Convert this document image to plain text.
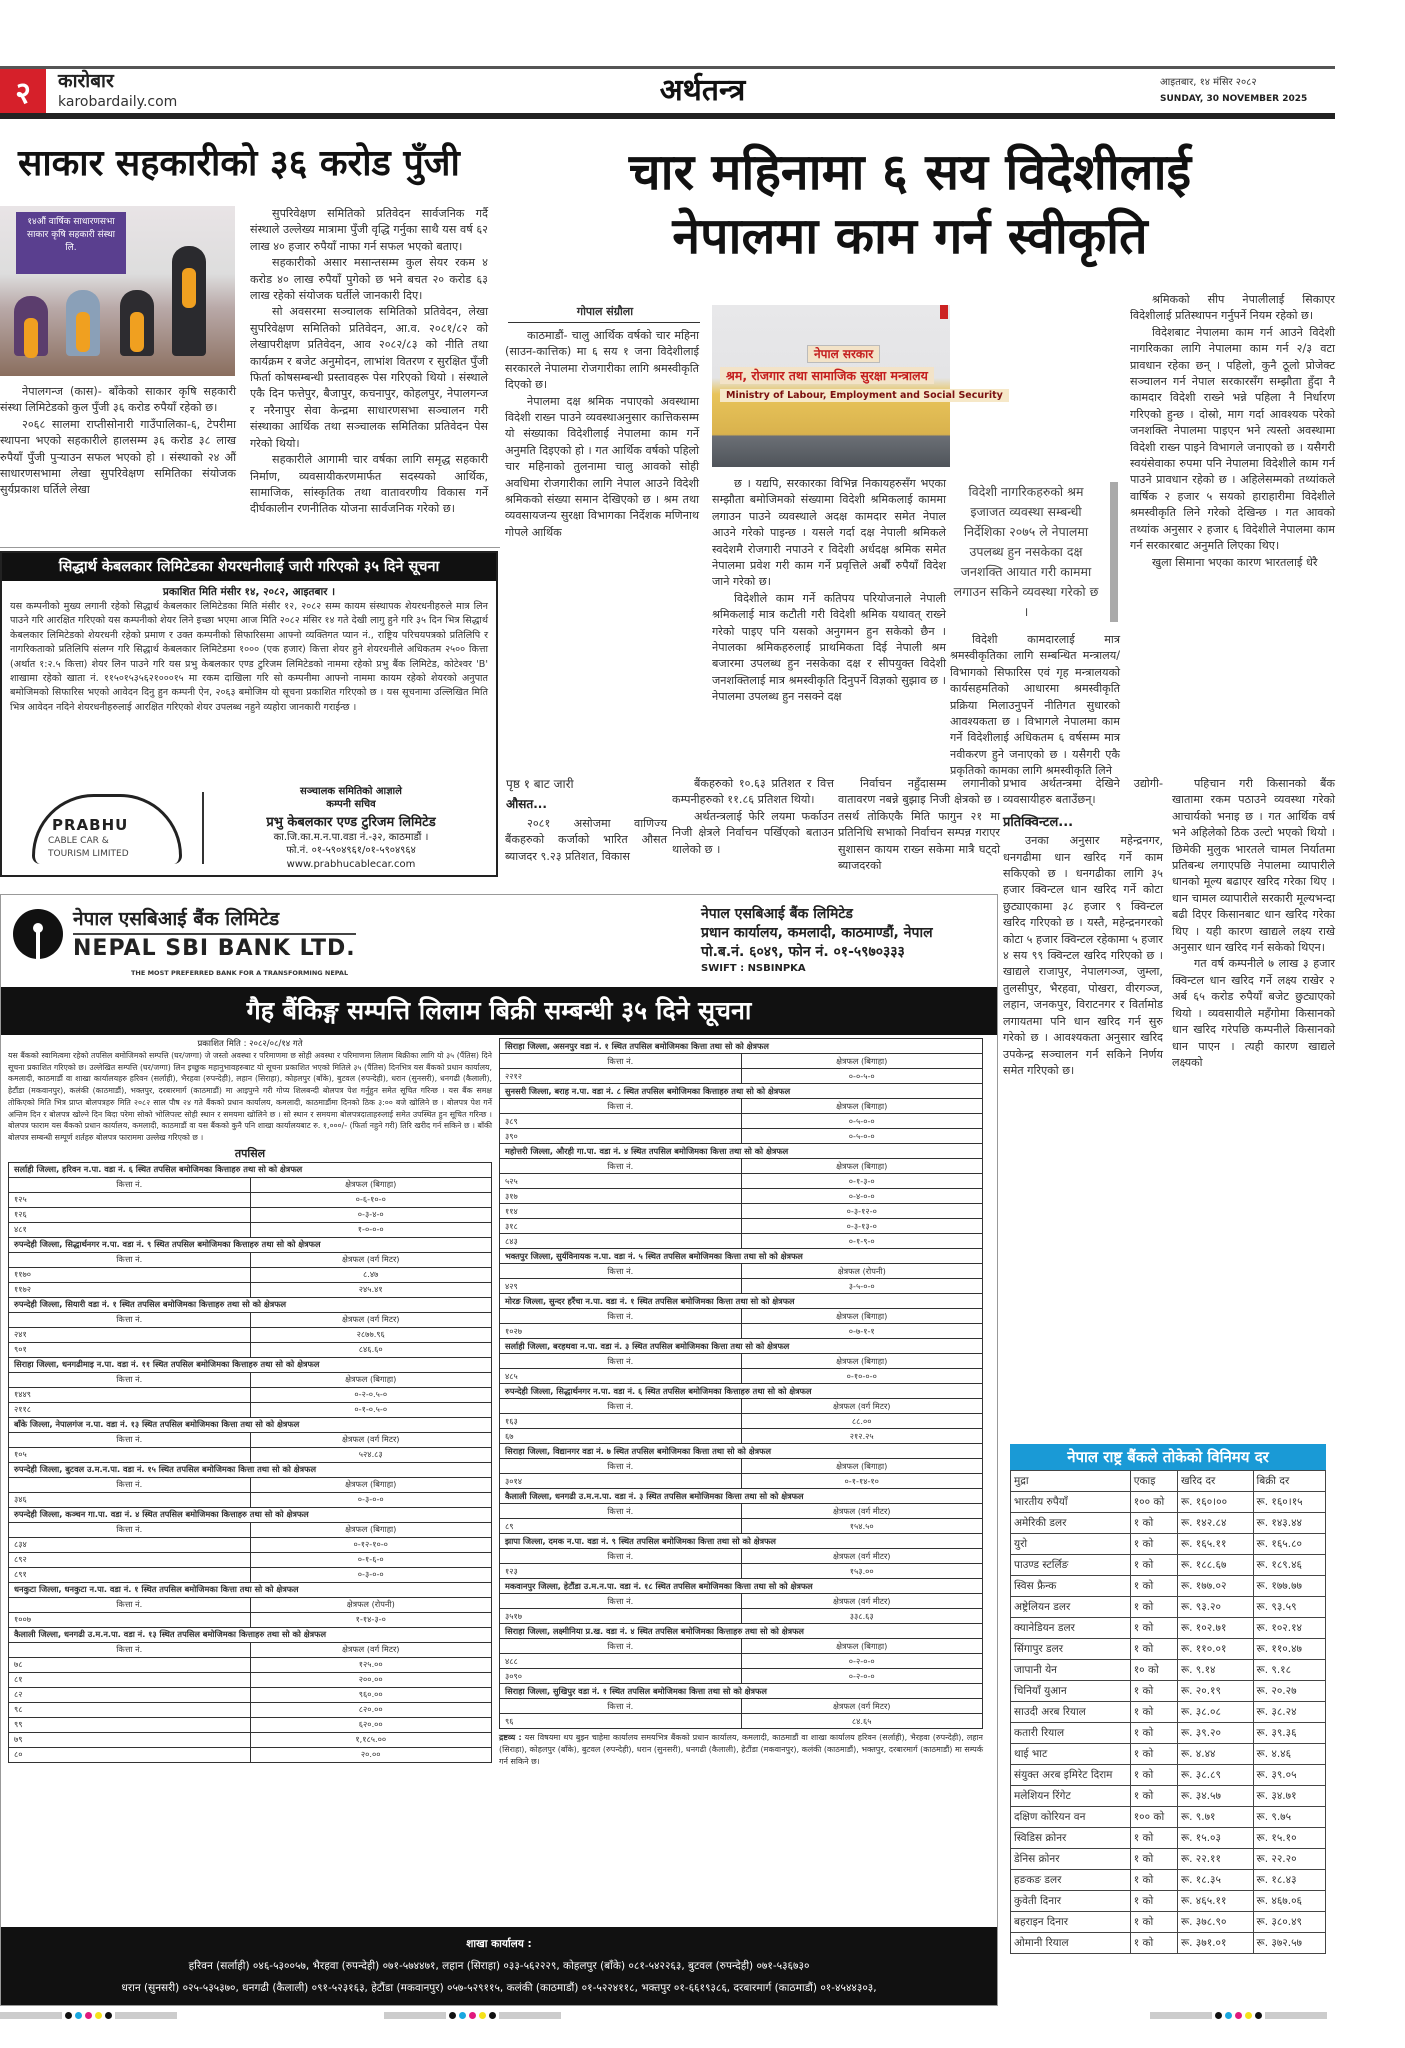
२	कारोबार
karobardaily.com	अर्थतन्त्र	आइतबार, १४ मंसिर २०८२
SUNDAY, 30 NOVEMBER 2025
साकार सहकारीको ३६ करोड पुँजी
१४औं वार्षिक साधारणसभा साकार कृषि सहकारी संस्था लि.

नेपालगन्ज (कास)- बाँकेको साकार कृषि सहकारी संस्था लिमिटेडको कुल पुँजी ३६ करोड रुपैयाँ रहेको छ।

२०६८ सालमा राप्तीसोनारी गाउँपालिका-६, टेपरीमा स्थापना भएको सहकारीले हालसम्म ३६ करोड ३८ लाख रुपैयाँ पुँजी पुऱ्याउन सफल भएको हो । संस्थाको २४ औं साधारणसभामा लेखा सुपरिवेक्षण समितिका संयोजक सुर्यप्रकाश घर्तिले लेखा

सुपरिवेक्षण समितिको प्रतिवेदन सार्वजनिक गर्दै संस्थाले उल्लेख्य मात्रामा पुँजी वृद्धि गर्नुका साथै यस वर्ष ६२ लाख ४० हजार रुपैयाँ नाफा गर्न सफल भएको बताए।

सहकारीको असार मसान्तसम्म कुल सेयर रकम ४ करोड ४० लाख रुपैयाँ पुगेको छ भने बचत २० करोड ६३ लाख रहेको संयोजक घर्तीले जानकारी दिए।

सो अवसरमा सञ्चालक समितिको प्रतिवेदन, लेखा सुपरिवेक्षण समितिको प्रतिवेदन, आ.व. २०८१/८२ को लेखापरीक्षण प्रतिवेदन, आव २०८२/८३ को नीति तथा कार्यक्रम र बजेट अनुमोदन, लाभांश वितरण र सुरक्षित पुँजी फिर्ता कोषसम्बन्धी प्रस्तावहरू पेस गरिएको थियो । संस्थाले एकै दिन फत्तेपुर, बैजापुर, कचनापुर, कोहलपुर, नेपालगन्ज र नरैनापुर सेवा केन्द्रमा साधारणसभा सञ्चालन गरी संस्थाका आर्थिक तथा सञ्चालक समितिका प्रतिवेदन पेस गरेको थियो।

सहकारीले आगामी चार वर्षका लागि समृद्ध सहकारी निर्माण, व्यवसायीकरणमार्फत सदस्यको आर्थिक, सामाजिक, सांस्कृतिक तथा वातावरणीय विकास गर्ने दीर्घकालीन रणनीतिक योजना सार्वजनिक गरेको छ।

चार महिनामा ६ सय विदेशीलाई
नेपालमा काम गर्न स्वीकृति
गोपाल संग्रौला
नेपाल सरकार
श्रम, रोजगार तथा सामाजिक सुरक्षा मन्त्रालय
Ministry of Labour, Employment and Social Security

काठमाडौं- चालु आर्थिक वर्षको चार महिना (साउन-कात्तिक) मा ६ सय १ जना विदेशीलाई सरकारले नेपालमा रोजगारीका लागि श्रमस्वीकृति दिएको छ।

नेपालमा दक्ष श्रमिक नपाएको अवस्थामा विदेशी राख्न पाउने व्यवस्थाअनुसार कात्तिकसम्म यो संख्याका विदेशीलाई नेपालमा काम गर्ने अनुमति दिइएको हो । गत आर्थिक वर्षको पहिलो चार महिनाको तुलनामा चालु आवको सोही अवधिमा रोजगारीका लागि नेपाल आउने विदेशी श्रमिकको संख्या समान देखिएको छ । श्रम तथा व्यवसायजन्य सुरक्षा विभागका निर्देशक मणिनाथ गोपले आर्थिक

छ । यद्यपि, सरकारका विभिन्न निकायहरुसँग भएका सम्झौता बमोजिमको संख्यामा विदेशी श्रमिकलाई काममा लगाउन पाउने व्यवस्थाले अदक्ष कामदार समेत नेपाल आउने गरेको पाइन्छ । यसले गर्दा दक्ष नेपाली श्रमिकले स्वदेशमै रोजगारी नपाउने र विदेशी अर्धदक्ष श्रमिक समेत नेपालमा प्रवेश गरी काम गर्ने प्रवृत्तिले अर्बौं रुपैयाँ विदेश जाने गरेको छ।

विदेशीले काम गर्ने कतिपय परियोजनाले नेपाली श्रमिकलाई मात्र कटौती गरी विदेशी श्रमिक यथावत् राख्ने गरेको पाइए पनि यसको अनुगमन हुन सकेको छैन । नेपालका श्रमिकहरुलाई प्राथमिकता दिई नेपाली श्रम बजारमा उपलब्ध हुन नसकेका दक्ष र सीपयुक्त विदेशी जनशक्तिलाई मात्र श्रमस्वीकृति दिनुपर्ने विज्ञको सुझाव छ । नेपालमा उपलब्ध हुन नसक्ने दक्ष

विदेशी नागरिकहरुको श्रम इजाजत व्यवस्था सम्बन्धी निर्देशिका २०७५ ले नेपालमा उपलब्ध हुन नसकेका दक्ष जनशक्ति आयात गरी काममा लगाउन सकिने व्यवस्था गरेको छ ।

विदेशी कामदारलाई मात्र श्रमस्वीकृतिका लागि सम्बन्धित मन्त्रालय/विभागको सिफारिस एवं गृह मन्त्रालयको कार्यसहमतिको आधारमा श्रमस्वीकृति प्रक्रिया मिलाउनुपर्ने नीतिगत सुधारको आवश्यकता छ । विभागले नेपालमा काम गर्ने विदेशीलाई अधिकतम ६ वर्षसम्म मात्र नवीकरण हुने जनाएको छ । यसैगरी एकै प्रकृतिको कामका लागि श्रमस्वीकृति लिने

श्रमिकको सीप नेपालीलाई सिकाएर विदेशीलाई प्रतिस्थापन गर्नुपर्ने नियम रहेको छ।

विदेशबाट नेपालमा काम गर्न आउने विदेशी नागरिकका लागि नेपालमा काम गर्न २/३ वटा प्रावधान रहेका छन् । पहिलो, कुनै ठूलो प्रोजेक्ट सञ्चालन गर्न नेपाल सरकारसँग सम्झौता हुँदा नै कामदार विदेशी राख्ने भन्ने पहिला नै निर्धारण गरिएको हुन्छ । दोस्रो, माग गर्दा आवश्यक परेको जनशक्ति नेपालमा पाइएन भने त्यस्तो अवस्थामा विदेशी राख्न पाइने विभागले जनाएको छ । यसैगरी स्वयंसेवाका रुपमा पनि नेपालमा विदेशीले काम गर्न पाउने प्रावधान रहेको छ । अहिलेसम्मको तथ्यांकले वार्षिक २ हजार ५ सयको हाराहारीमा विदेशीले श्रमस्वीकृति लिने गरेको देखिन्छ । गत आवको तथ्यांक अनुसार २ हजार ६ विदेशीले नेपालमा काम गर्न सरकारबाट अनुमति लिएका थिए।

खुला सिमाना भएका कारण भारतलाई धेरै

पृष्ठ १ बाट जारी
औसत...

२०८१ असोजमा वाणिज्य बैंकहरुको कर्जाको भारित औसत ब्याजदर ९.२३ प्रतिशत, विकास

बैंकहरुको १०.६३ प्रतिशत र वित्त कम्पनीहरुको ११.८६ प्रतिशत थियो।

अर्थतन्त्रलाई फेरि लयमा फर्काउन निजी क्षेत्रले निर्वाचन पर्खिएको बताउन थालेको छ ।

निर्वाचन नहुँदासम्म लगानीको वातावरण नबन्ने बुझाइ निजी क्षेत्रको छ । तसर्थ तोकिएकै मिति फागुन २१ मा प्रतिनिधि सभाको निर्वाचन सम्पन्न गराएर सुशासन कायम राख्न सकेमा मात्रै घट्दो ब्याजदरको

प्रभाव अर्थतन्त्रमा देखिने उद्योगी-व्यवसायीहरु बताउँछन्।
प्रतिक्विन्टल...

उनका अनुसार महेन्द्रनगर, धनगढीमा धान खरिद गर्ने काम सकिएको छ । धनगढीका लागि ३५ हजार क्विन्टल धान खरिद गर्ने कोटा छुट्याएकामा ३८ हजार ९ क्विन्टल खरिद गरिएको छ । यस्तै, महेन्द्रनगरको कोटा ५ हजार क्विन्टल रहेकामा ५ हजार ४ सय ९९ क्विन्टल खरिद गरिएको छ । खाद्यले राजापुर, नेपालगञ्ज, जुम्ला, तुलसीपुर, भैरहवा, पोखरा, वीरगञ्ज, लहान, जनकपुर, विराटनगर र विर्तामोड लगायतमा पनि धान खरिद गर्न सुरु गरेको छ । आवश्यकता अनुसार खरिद उपकेन्द्र सञ्चालन गर्न सकिने निर्णय समेत गरिएको छ।

पहिचान गरी किसानको बैंक खातामा रकम पठाउने व्यवस्था गरेको आचार्यको भनाइ छ । गत आर्थिक वर्ष भने अहिलेको ठिक उल्टो भएको थियो । छिमेकी मुलुक भारतले चामल निर्यातमा प्रतिबन्ध लगाएपछि नेपालमा व्यापारीले धानको मूल्य बढाएर खरिद गरेका थिए । धान चामल व्यापारीले सरकारी मूल्यभन्दा बढी दिएर किसानबाट धान खरिद गरेका थिए । यही कारण खाद्यले लक्ष्य राखे अनुसार धान खरिद गर्न सकेको थिएन।

गत वर्ष कम्पनीले ७ लाख ३ हजार क्विन्टल धान खरिद गर्ने लक्ष्य राखेर २ अर्ब ६५ करोड रुपैयाँ बजेट छुट्याएको थियो । व्यवसायीले महँगोमा किसानको धान खरिद गरेपछि कम्पनीले किसानको धान पाएन । त्यही कारण खाद्यले लक्ष्यको

सिद्धार्थ केबलकार लिमिटेडका शेयरधनीलाई जारी गरिएको ३५ दिने सूचना
प्रकाशित मिति मंसीर १४, २०८२, आइतबार ।
यस कम्पनीको मुख्य लगानी रहेको सिद्धार्थ केबलकार लिमिटेडका मिति मंसीर १२, २०८२ सम्म कायम संस्थापक शेयरधनीहरुले मात्र लिन पाउने गरि आरक्षित गरिएको यस कम्पनीको शेयर लिने इच्छा भएमा आज मिति २०८२ मंसिर १४ गते देखी लागु हुने गरि ३५ दिन भित्र सिद्धार्थ केबलकार लिमिटेडको शेयरधनी रहेको प्रमाण र उक्त कम्पनीको सिफारिसमा आफ्नो व्यक्तिगत प्यान नं., राष्ट्रिय परिचयपत्रको प्रतिलिपि र नागरिकताको प्रतिलिपि संलग्न गरि सिद्धार्थ केबलकार लिमिटेडमा १००० (एक हजार) कित्ता शेयर हुने शेयरधनीले अधिकतम २५०० कित्ता (अर्थात १:२.५ कित्ता) शेयर लिन पाउने गरि यस प्रभु केबलकार एण्ड टुरिजम लिमिटेडको नाममा रहेको प्रभु बैंक लिमिटेड, कोटेश्वर 'B' शाखामा रहेको खाता नं. ११५०१५३५६२१०००१५ मा रकम दाखिला गरि सो कम्पनीमा आफ्नो नाममा कायम रहेको शेयरको अनुपात बमोजिमको सिफारिस भएको आवेदन दिनु हुन कम्पनी ऐन, २०६३ बमोजिम यो सूचना प्रकाशित गरिएको छ । यस सूचनामा उल्लिखित मिति भित्र आवेदन नदिने शेयरधनीहरुलाई आरक्षित गरिएको शेयर उपलब्ध नहुने व्यहोरा जानकारी गराईन्छ ।
PRABHU
CABLE CAR &
TOURISM LIMITED
सञ्चालक समितिको आज्ञाले
कम्पनी सचिव
प्रभु केबलकार एण्ड टुरिजम लिमिटेड
का.जि.का.म.न.पा.वडा नं.-३२, काठमाडौं ।
फो.नं. ०१-५९०४९६१/०१-५९०४९६४
www.prabhucablecar.com
नेपाल एसबिआई बैंक लिमिटेड
NEPAL SBI BANK LTD.
THE MOST PREFERRED BANK FOR A TRANSFORMING NEPAL
नेपाल एसबिआई बैंक लिमिटेड
प्रधान कार्यालय, कमलादी, काठमाण्डौं, नेपाल
पो.ब.नं. ६०४९, फोन नं. ०१-५९७०३३३
SWIFT : NSBINPKA
गैह बैंकिङ्ग सम्पत्ति लिलाम बिक्री सम्बन्धी ३५ दिने सूचना
प्रकाशित मिति : २०८२/०८/१४ गते
यस बैंकको स्वामित्वमा रहेको तपसिल बमोजिमको सम्पत्ति (घर/जग्गा) जे जस्तो अवस्था र परिमाणमा छ सोही अवस्था र परिमाणमा लिलाम बिक्रीका लागि यो ३५ (पैंतिस) दिने सूचना प्रकाशित गरिएको छ। उल्लेखित सम्पत्ति (घर/जग्गा) लिन इच्छुक महानुभावहरुबाट यो सूचना प्रकाशित भएको मितिले ३५ (पैंतिस) दिनभित्र यस बैंकको प्रधान कार्यालय, कमलादी, काठमाडौं वा शाखा कार्यालयहरु हरिवन (सर्लाही), भैरहवा (रुपन्देही), लहान (सिराहा), कोहलपुर (बाँके), बुटवल (रुपन्देही), धरान (सुनसरी), धनगढी (कैलाली), हेटौंडा (मकवानपुर), कलंकी (काठमाडौं), भक्तपुर, दरबारमार्ग (काठमाडौं) मा आइपुग्ने गरी गोप्य शिलबन्दी बोलपत्र पेश गर्नुहुन समेत सूचित गरिन्छ । यस बैंक समक्ष तोकिएको मिति भित्र प्राप्त बोलपत्रहरु मिति २०८२ साल पौष २४ गते बैंकको प्रधान कार्यालय, कमलादी, काठमाडौंमा दिनको ठिक ३:०० बजे खोलिने छ । बोलपत्र पेश गर्ने अन्तिम दिन र बोलपत्र खोल्ने दिन बिदा परेमा सोको भोलिपल्ट सोही स्थान र समयमा खोलिने छ । सो स्थान र समयमा बोलपत्रदाताहरुलाई समेत उपस्थित हुन सूचित गरिन्छ । बोलपत्र फाराम यस बैंकको प्रधान कार्यालय, कमलादी, काठमाडौं वा यस बैंकको कुनै पनि शाखा कार्यालयबाट रु. १,०००/- (फिर्ता नहुने गरी) तिरि खरीद गर्न सकिने छ । बाँकी बोलपत्र सम्बन्धी सम्पूर्ण शर्तहरु बोलपत्र फाराममा उल्लेख गरिएको छ ।
तपसिल
सर्लाही जिल्ला, हरिवन न.पा. वडा नं. ६ स्थित तपसिल बमोजिमका कित्ताहरु तथा सो को क्षेत्रफल	
कित्ता नं.	क्षेत्रफल (बिगाहा)
१२५	०-६-१०-०
१२६	०-३-४-०
४८१	१-०-०-०
रुपन्देही जिल्ला, सिद्धार्थनगर न.पा. वडा नं. ९ स्थित तपसिल बमोजिमका कित्ताहरु तथा सो को क्षेत्रफल	
कित्ता नं.	क्षेत्रफल (वर्ग मिटर)
११७०	८.४७
११७२	२४५.४१
रुपन्देही जिल्ला, सियारी वडा नं. १ स्थित तपसिल बमोजिमका कित्ताहरु तथा सो को क्षेत्रफल	
कित्ता नं.	क्षेत्रफल (वर्ग मिटर)
२४१	२८७७.९६
९०१	८४६.६०
सिराहा जिल्ला, धनगढीमाइ न.पा. वडा नं. ११ स्थित तपसिल बमोजिमका कित्ताहरु तथा सो को क्षेत्रफल	
कित्ता नं.	क्षेत्रफल (बिगाहा)
१४४९	०-२-०.५-०
२११८	०-१-०.५-०
बाँके जिल्ला, नेपालगंज न.पा. वडा नं. १३ स्थित तपसिल बमोजिमका कित्ता तथा सो को क्षेत्रफल	
कित्ता नं.	क्षेत्रफल (वर्ग मिटर)
१०५	५२४.८३
रुपन्देही जिल्ला, बुटवल उ.म.न.पा. वडा नं. १५ स्थित तपसिल बमोजिमका कित्ता तथा सो को क्षेत्रफल	
कित्ता नं.	क्षेत्रफल (बिगाहा)
३४६	०-३-०-०
रुपन्देही जिल्ला, कञ्चन गा.पा. वडा नं. ४ स्थित तपसिल बमोजिमका कित्ताहरु तथा सो को क्षेत्रफल	
कित्ता नं.	क्षेत्रफल (बिगाहा)
८३४	०-१२-१०-०
८९२	०-१-६-०
८९१	०-३-०-०
धनकुटा जिल्ला, धनकुटा न.पा. वडा नं. १ स्थित तपसिल बमोजिमका कित्ता तथा सो को क्षेत्रफल	
कित्ता नं.	क्षेत्रफल (रोपनी)
१००७	१-१४-३-०
कैलाली जिल्ला, धनगढी उ.म.न.पा. वडा नं. १३ स्थित तपसिल बमोजिमका कित्ताहरु तथा सो को क्षेत्रफल	
कित्ता नं.	क्षेत्रफल (वर्ग मिटर)
७८	१२५.००
८१	२००.००
८२	९६०.००
९८	८२०.००
९९	६२०.००
७९	१,१८५.००
८०	२०.००
सिराहा जिल्ला, असनपुर वडा नं. १ स्थित तपसिल बमोजिमका कित्ता तथा सो को क्षेत्रफल	
कित्ता नं.	क्षेत्रफल (बिगाहा)
२२१२	०-०-५-०
सुनसरी जिल्ला, बराह न.पा. वडा नं. ८ स्थित तपसिल बमोजिमका कित्ताहरु तथा सो को क्षेत्रफल	
कित्ता नं.	क्षेत्रफल (बिगाहा)
३८९	०-५-०-०
३९०	०-५-०-०
महोत्तरी जिल्ला, औरही गा.पा. वडा नं. ४ स्थित तपसिल बमोजिमका कित्ता तथा सो को क्षेत्रफल	
कित्ता नं.	क्षेत्रफल (बिगाहा)
५२५	०-१-३-०
३१७	०-४-०-०
११४	०-३-१२-०
३१८	०-३-१३-०
८४३	०-१-९-०
भक्तपुर जिल्ला, सुर्यविनायक न.पा. वडा नं. ५ स्थित तपसिल बमोजिमका कित्ता तथा सो को क्षेत्रफल	
कित्ता नं.	क्षेत्रफल (रोपनी)
४२९	३-५-०-०
मोरङ जिल्ला, सुन्दर हरैंचा न.पा. वडा नं. १ स्थित तपसिल बमोजिमका कित्ता तथा सो को क्षेत्रफल	
कित्ता नं.	क्षेत्रफल (बिगाहा)
१०२७	०-७-१-१
सर्लाही जिल्ला, बरहथवा न.पा. वडा नं. ३ स्थित तपसिल बमोजिमका कित्ता तथा सो को क्षेत्रफल	
कित्ता नं.	क्षेत्रफल (बिगाहा)
४८५	०-१०-०-०
रुपन्देही जिल्ला, सिद्धार्थनगर न.पा. वडा नं. ६ स्थित तपसिल बमोजिमका कित्ताहरु तथा सो को क्षेत्रफल	
कित्ता नं.	क्षेत्रफल (वर्ग मिटर)
१६३	८८.००
६७	२१२.२५
सिराहा जिल्ला, विद्यानगर वडा नं. ७ स्थित तपसिल बमोजिमका कित्ता तथा सो को क्षेत्रफल	
कित्ता नं.	क्षेत्रफल (बिगाहा)
३०१४	०-१-१४-१०
कैलाली जिल्ला, धनगढी उ.म.न.पा. वडा नं. ३ स्थित तपसिल बमोजिमका कित्ता तथा सो को क्षेत्रफल	
कित्ता नं.	क्षेत्रफल (वर्ग मीटर)
८९	१५४.५०
झापा जिल्ला, दमक न.पा. वडा नं. ९ स्थित तपसिल बमोजिमका कित्ता तथा सो को क्षेत्रफल	
कित्ता नं.	क्षेत्रफल (वर्ग मीटर)
१२३	१५३.००
मकवानपुर जिल्ला, हेटौंडा उ.म.न.पा. वडा नं. १८ स्थित तपसिल बमोजिमका कित्ता तथा सो को क्षेत्रफल	
कित्ता नं.	क्षेत्रफल (वर्ग मीटर)
३५१७	३३८.६३
सिराहा जिल्ला, लक्ष्मीनिया प्र.ख. वडा नं. ४ स्थित तपसिल बमोजिमका कित्ताहरु तथा सो को क्षेत्रफल	
कित्ता नं.	क्षेत्रफल (बिगाहा)
४८८	०-२-०-०
३०९०	०-२-०-०
सिराहा जिल्ला, सुखिपुर वडा नं. १ स्थित तपसिल बमोजिमका कित्ता तथा सो को क्षेत्रफल	
कित्ता नं.	क्षेत्रफल (वर्ग मिटर)
९६	८४.६५
द्रष्टव्य : यस विषयमा थप बुझ्न चाहेमा कार्यालय समयभित्र बैंकको प्रधान कार्यालय, कमलादी, काठमाडौं वा शाखा कार्यालय हरिवन (सर्लाही), भैरहवा (रुपन्देही), लहान (सिराहा), कोहलपुर (बाँके), बुटवल (रुपन्देही), धरान (सुनसरी), धनगढी (कैलाली), हेटौंडा (मकवानपुर), कलंकी (काठमाडौं), भक्तपुर, दरबारमार्ग (काठमाडौं) मा सम्पर्क गर्न सकिने छ।
शाखा कार्यालय :
हरिवन (सर्लाही) ०४६-५३००५७, भैरहवा (रुपन्देही) ०७१-५७४४७१, लहान (सिराहा) ०३३-५६२२२९, कोहलपुर (बाँके) ०८१-५४२२६३, बुटवल (रुपन्देही) ०७१-५३६७३०
धरान (सुनसरी) ०२५-५३५३७०, धनगढी (कैलाली) ०९१-५२३१६३, हेटौंडा (मकवानपुर) ०५७-५२९११५, कलंकी (काठमाडौं) ०१-५२२४११८, भक्तपुर ०१-६६१९३८६, दरबारमार्ग (काठमाडौं) ०१-४५४४३०३,
नेपाल राष्ट्र बैंकले तोकेको विनिमय दर
मुद्रा	एकाइ	खरिद दर	बिक्री दर
भारतीय रुपैयाँ	१०० को	रू. १६०।००	रू. १६०।१५
अमेरिकी डलर	१ को	रू. १४२.८४	रू. १४३.४४
युरो	१ को	रू. १६५.११	रू. १६५.८०
पाउण्ड स्टर्लिङ	१ को	रू. १८८.६७	रू. १८९.४६
स्विस फ्रैन्क	१ को	रू. १७७.०२	रू. १७७.७७
अष्ट्रेलियन डलर	१ को	रू. ९३.२०	रू. ९३.५९
क्यानेडियन डलर	१ को	रू. १०२.७१	रू. १०२.१४
सिंगापुर डलर	१ को	रू. ११०.०१	रू. ११०.४७
जापानी येन	१० को	रू. ९.१४	रू. ९.१८
चिनियाँ युआन	१ को	रू. २०.१९	रू. २०.२७
साउदी अरब रियाल	१ को	रू. ३८.०८	रू. ३८.२४
कतारी रियाल	१ को	रू. ३९.२०	रू. ३९.३६
थाई भाट	१ को	रू. ४.४४	रू. ४.४६
संयुक्त अरब इमिरेट दिराम	१ को	रू. ३८.८९	रू. ३९.०५
मलेशियन रिंगेट	१ को	रू. ३४.५७	रू. ३४.७१
दक्षिण कोरियन वन	१०० को	रू. ९.७१	रू. ९.७५
स्विडिस क्रोनर	१ को	रू. १५.०३	रू. १५.१०
डेनिस क्रोनर	१ को	रू. २२.११	रू. २२.२०
हङकङ डलर	१ को	रू. १८.३५	रू. १८.४३
कुवेती दिनार	१ को	रू. ४६५.११	रू. ४६७.०६
बहराइन दिनार	१ को	रू. ३७८.९०	रू. ३८०.४९
ओमानी रियाल	१ को	रू. ३७१.०१	रू. ३७२.५७
